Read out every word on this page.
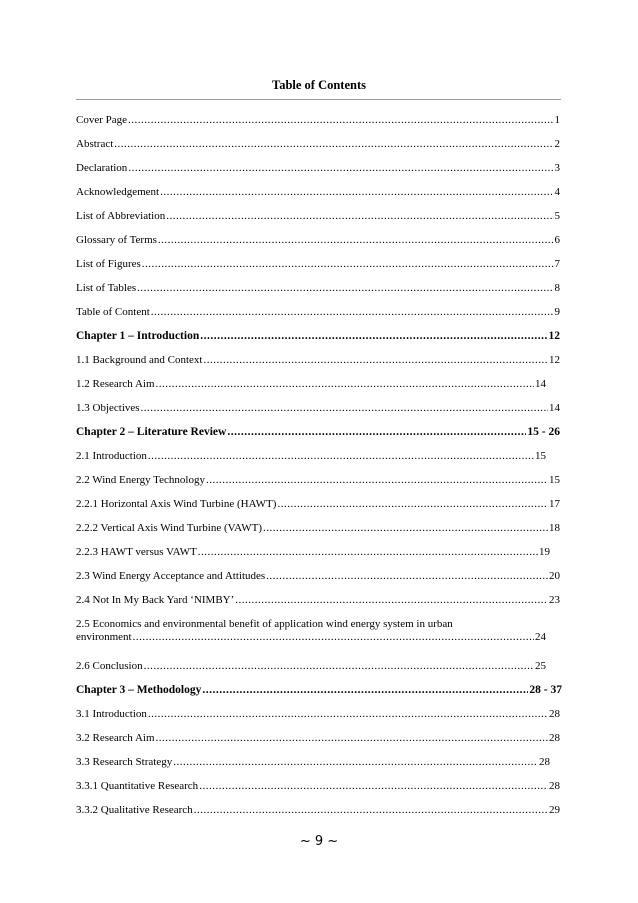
Table of Contents
Cover Page	1
.....
Abstract	2
.....
Declaration	3
.....
Acknowledgement	4
.....
List of Abbreviation	5
.....
Glossary of Terms	6
.....
List of Figures	7
.....
List of Tables	8
.....
Table of Content	9
.....
Chapter 1 – Introduction	12
.....
1.1 Background and Context	12
.....
1.2 Research Aim	14
.....
1.3 Objectives	14
.....
Chapter 2 – Literature Review	15 - 26
.....
2.1 Introduction	15
.....
2.2 Wind Energy Technology	15
.....
2.2.1 Horizontal Axis Wind Turbine (HAWT)	17
.....
2.2.2 Vertical Axis Wind Turbine (VAWT)	18
.....
2.2.3 HAWT versus VAWT	19
.....
2.3 Wind Energy Acceptance and Attitudes	20
.....
2.4 Not In My Back Yard ‘NIMBY’	23
.....
2.5 Economics and environmental benefit of application wind energy system in urban
environment	24
.....
2.6 Conclusion	25
.....
Chapter 3 – Methodology	28 - 37
.....
3.1 Introduction	28
.....
3.2 Research Aim	28
.....
3.3 Research Strategy	28
.....
3.3.1 Quantitative Research	28
.....
3.3.2 Qualitative Research	29
.....
~ 9 ~
